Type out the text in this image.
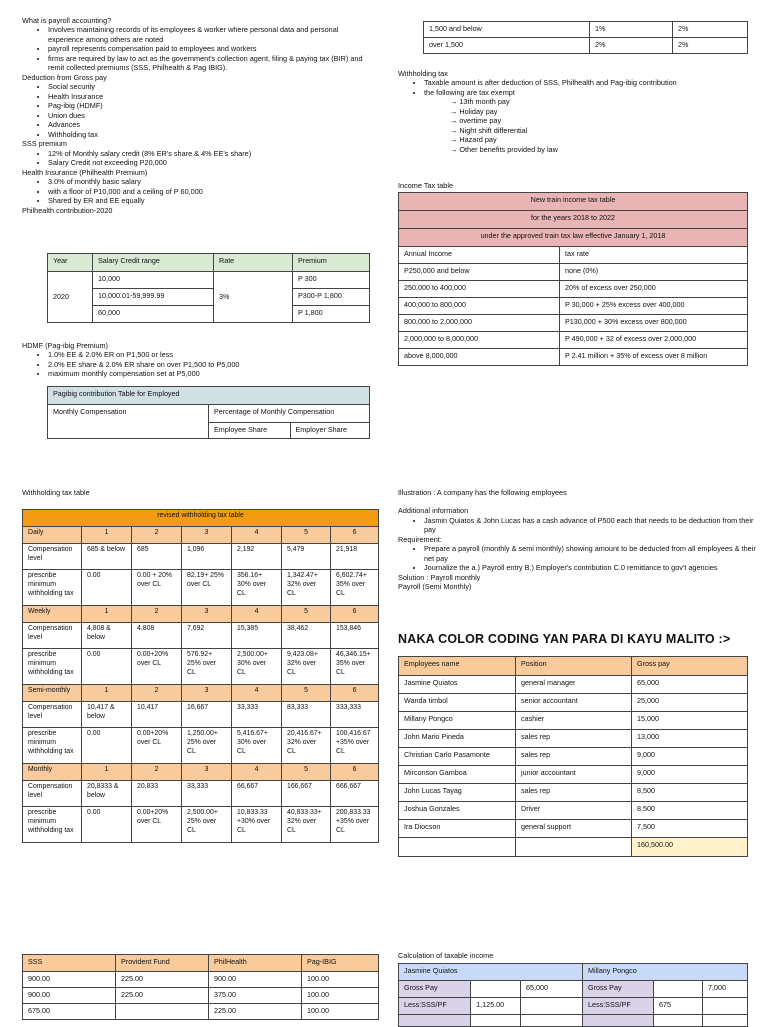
What is payroll accounting?

• Involves maintaining records of its employees & worker where personal data and personal experience among others are noted
• payroll represents compensation paid to employees and workers
• firms are required by law to act as the government's collection agent, filing & paying tax (BIR) and remit collected premiums (SSS, Philhealth & Pag IBIG).

Deduction from Gross pay

• Social security
• Health Insurance
• Pag-ibig (HDMF)
• Union dues
• Advances
• Withholding tax

SSS premium

• 12% of Monthly salary credit (8% ER's share & 4% EE's share)
• Salary Credit not exceeding P20,000

Health Insurance (Philhealth Premium)

• 3.0% of monthly basic salary
• with a floor of P10,000 and a ceiling of P 60,000
• Shared by ER and EE equally

Philhealth contribution-2020

Year	Salary Credit range	Rate	Premium
2020	10,000	3%	P 300
	10,000.01-59,999.99		P300-P 1,800
	60,000		P 1,800

HDMF (Pag-ibig Premium)

• 1.0% EE & 2.0% ER on P1,500 or less
• 2.0% EE share & 2.0% ER share on over P1,500 to P5,000
• maximum monthly compensation set at P5,000
Pagibig contribution Table for Employed		
Monthly Compensation	Percentage of Monthly Compensation	
	Employee Share	Employer Share
1,500 and below	1%	2%
over 1,500	2%	2%

Withholding tax

• Taxable amount is after deduction of SSS, Philhealth and Pag-ibig contribution
• the following are tax exempt
→ 13th month pay
→ Holiday pay
→ overtime pay
→ Night shift differential
→ Hazard pay
→ Other benefits provided by law

Income Tax table

New train income tax table	
for the years 2018 to 2022	
under the approved train tax law effective January 1, 2018	
Annual Income	tax rate
P250,000 and below	none (0%)
250,000 to 400,000	20% of excess over 250,000
400,000 to 800,000	P 30,000 + 25% excess over 400,000
800,000 to 2,000,000	P130,000 + 30% excess over 800,000
2,000,000 to 8,000,000	P 490,000 + 32 of excess over 2,000,000
above 8,000,000	P 2.41 million + 35% of excess over 8 million

Withholding tax table

revised withholding tax table						
Daily	1	2	3	4	5	6
Compensation level	685 & below	685	1,096	2,192	5,479	21,918
prescribe minimum withholding tax	0.00	0.00 + 20% over CL	82.19+ 25% over CL	356.16+ 30% over CL	1,342.47+ 32% over CL	6,602.74+ 35% over CL
Weekly	1	2	3	4	5	6
Compensation level	4,808 & below	4,808	7,692	15,385	38,462	153,846
prescribe minimum withholding tax	0.00	0.00+20% over CL	576.92+ 25% over CL	2,500.00+ 30% over CL	9,423.08+ 32% over CL	46,346.15+ 35% over CL
Semi-monthly	1	2	3	4	5	6
Compensation level	10,417 & below	10,417	16,667	33,333	83,333	333,333
prescribe minimum withholding tax	0.00	0.00+20% over CL	1,250.00+ 25% over CL	5,416.67+ 30% over CL	20,416.67+ 32% over CL	100,416.67 +35% over CL
Monthly	1	2	3	4	5	6
Compensation level	20,8333 & below	20,833	33,333	66,667	166,667	666,667
prescribe minimum withholding tax	0.00	0.00+20% over CL	2,500.00+ 25% over CL	10,833.33 +30% over CL	40,833.33+ 32% over CL	200,833.33 +35% over CL

Illustration : A company has the following employees

Additional information

• Jasmin Quiatos & John Lucas has a cash advance of P500 each that needs to be deduction from their pay

Requirement:

• Prepare a payroll (monthly & semi monthly) showing amount to be deducted from all employees & their net pay
• Journalize the a.) Payroll entry B.) Employer's contribution C.0 remittance to gov't agencies

Solution : Payroll monthly

Payroll (Semi Monthly)

NAKA COLOR CODING YAN PARA DI KAYU MALITO :>

Employees name	Position	Gross pay
Jasmine Quiatos	general manager	65,000
Wanda timbol	senior accountant	25,000
Millany Pongco	cashier	15,000
John Mario Pineda	sales rep	13,000
Christian Carlo Pasamonte	sales rep	9,000
Mirconson Gamboa	junior accountant	9,000
John Lucas Tayag	sales rep	8,500
Joshua Gonzales	Driver	8,500
Ira Diocson	general support	7,500
		160,500.00
SSS	Provident Fund	PhilHealth	Pag-IBIG
900.00	225.00	900.00	100.00
900.00	225.00	375.00	100.00
675.00		225.00	100.00

Calculation of taxable income

Jasmine Quiatos			Millany Pongco		
Gross Pay		65,000	Gross Pay		7,000
Less:SSS/PF	1,125.00		Less:SSS/PF	675	
